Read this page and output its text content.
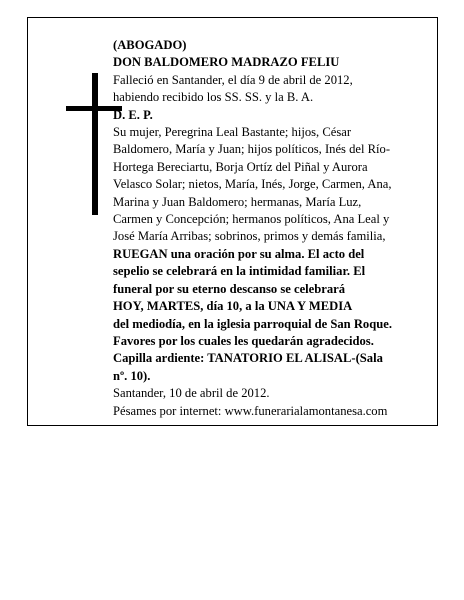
(ABOGADO)
DON BALDOMERO MADRAZO FELIU
Falleció en Santander, el día 9 de abril de 2012,
habiendo recibido los SS. SS. y la B. A.
D. E. P.
Su mujer, Peregrina Leal Bastante; hijos, César
Baldomero, María y Juan; hijos políticos, Inés del Río-
Hortega Bereciartu, Borja Ortíz del Piñal y Aurora
Velasco Solar; nietos, María, Inés, Jorge, Carmen, Ana,
Marina y Juan Baldomero; hermanas, María Luz,
Carmen y Concepción; hermanos políticos, Ana Leal y
José María Arribas; sobrinos, primos y demás familia,
RUEGAN una oración por su alma. El acto del
sepelio se celebrará en la intimidad familiar. El
funeral por su eterno descanso se celebrará
HOY, MARTES, día 10, a la UNA Y MEDIA
del mediodía, en la iglesia parroquial de San Roque.
Favores por los cuales les quedarán agradecidos.
Capilla ardiente: TANATORIO EL ALISAL-(Sala
nº. 10).
Santander, 10 de abril de 2012.
Pésames por internet: www.funerarialamontanesa.com
